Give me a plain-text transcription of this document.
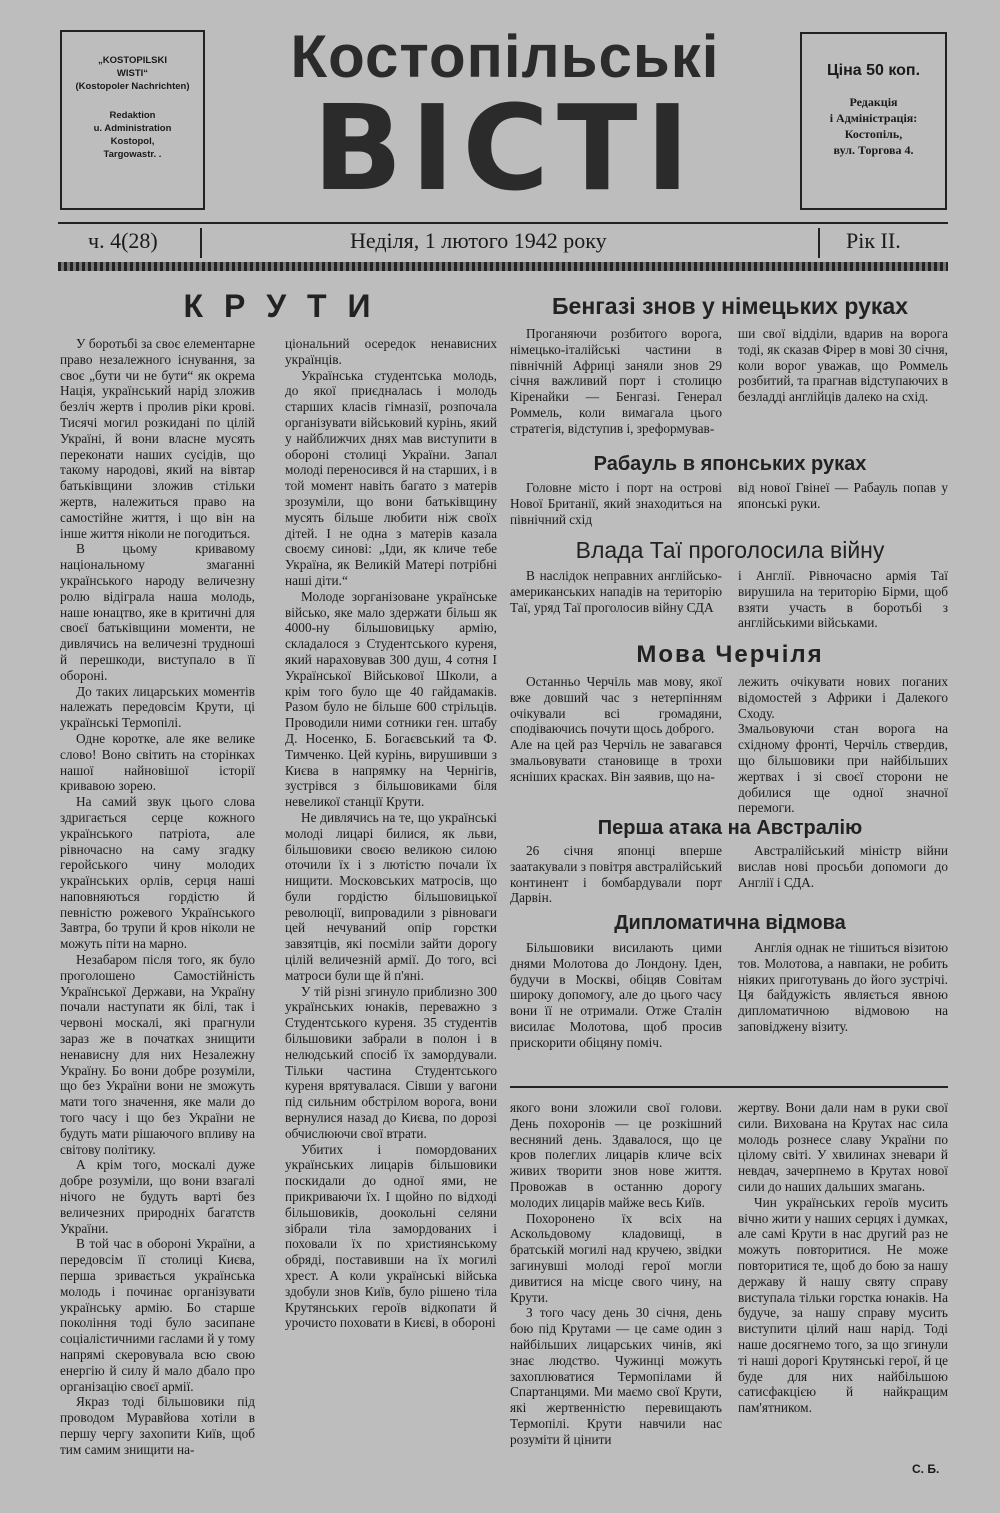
„KOSTOPILSKI
WISTI“
(Kostopoler Nachrichten)
Redaktion
u. Administration
Kostopol,
Targowastr. .
Костопільські
ВІСТІ
Ціна 50 коп.
Редакція
і Адміністрація:
Костопіль,
вул. Торгова 4.
ч. 4(28)	Неділя, 1 лютого 1942 року	Рік II.
К Р У Т И

У боротьбі за своє елементарне право незалежного існування, за своє „бути чи не бути“ як окрема Нація, український нарід зложив безліч жертв і пролив ріки крові. Тисячі могил розкидані по цілій Україні, й вони власне мусять переконати наших сусідів, що такому народові, який на вівтар батьківщини зложив стільки жертв, належиться право на самостійне життя, і що він на інше життя ніколи не погодиться.

В цьому кривавому національному змаганні українського народу величезну ролю відіграла наша молодь, наше юнацтво, яке в критичні для своєї батьківщини моменти, не дивлячись на величезні трудноші й перешкоди, виступало в її обороні.

До таких лицарських моментів належать передовсім Крути, ці українські Термопілі.

Одне коротке, але яке велике слово! Воно світить на сторінках нашої найновішої історії кривавою зорею.

На самий звук цього слова здригається серце кожного українського патріота, але рівночасно на саму згадку геройського чину молодих українських орлів, серця наші наповняються гордістю й певністю рожевого Українського Завтра, бо трупи й кров ніколи не можуть піти на марно.

Незабаром після того, як було проголошено Самостійність Української Держави, на Україну почали наступати як білі, так і червоні москалі, які прагнули зараз же в початках знищити ненависну для них Незалежну Україну. Бо вони добре розуміли, що без України вони не зможуть мати того значення, яке мали до того часу і що без України не будуть мати рішаючого впливу на світову політику.

А крім того, москалі дуже добре розуміли, що вони взагалі нічого не будуть варті без величезних природніх багатств України.

В той час в обороні України, а передовсім її столиці Києва, перша зривається українська молодь і починає організувати українську армію. Бо старше покоління тоді було засипане соціалістичними гаслами й у тому напрямі скеровувала всю свою енергію й силу й мало дбало про організацію своєї армії.

Якраз тоді більшовики під проводом Муравйова хотіли в першу чергу захопити Київ, щоб тим самим знищити на-

ціональний осередок ненависних українців.

Українська студентська молодь, до якої приєдналась і молодь старших класів гімназії, розпочала організувати військовий курінь, який у найближчих днях мав виступити в обороні столиці України. Запал молоді переносився й на старших, і в той момент навіть багато з матерів зрозуміли, що вони батьківщину мусять більше любити ніж своїх дітей. І не одна з матерів казала своєму синові: „Іди, як кличе тебе Україна, як Великій Матері потрібні наші діти.“

Молоде зорганізоване українське військо, яке мало здержати більш як 4000-ну більшовицьку армію, складалося з Студентського куреня, який нараховував 300 душ, 4 сотня І Української Військової Школи, а крім того було ще 40 гайдамаків. Разом було не більше 600 стрільців. Проводили ними сотники ген. штабу Д. Носенко, Б. Богаєвський та Ф. Тимченко. Цей курінь, вирушивши з Києва в напрямку на Чернігів, зустрівся з більшовиками біля невеликої станції Крути.

Не дивлячись на те, що українські молоді лицарі билися, як льви, більшовики своєю великою силою оточили їх і з лютістю почали їх нищити. Московських матросів, що були гордістю більшовицької революції, випровадили з рівноваги цей нечуваний опір горстки завзятців, які посміли зайти дорогу цілій величезній армії. До того, всі матроси були ще й п'яні.

У тій різні згинуло приблизно 300 українських юнаків, переважно з Студентського куреня. 35 студентів більшовики забрали в полон і в нелюдський спосіб їх замордували. Тільки частина Студентського куреня врятувалася. Сівши у вагони під сильним обстрілом ворога, вони вернулися назад до Києва, по дорозі обчислюючи свої втрати.

Убитих і помордованих українських лицарів більшовики поскидали до одної ями, не прикриваючи їх. І щойно по відході більшовиків, доокольні селяни зібрали тіла замордованих і поховали їх по християнському обряді, поставивши на їх могилі хрест. А коли українські війська здобули знов Київ, було рішено тіла Крутянських героїв відкопати й урочисто поховати в Києві, в обороні

якого вони зложили свої голови. День похоронів — це розкішний весняний день. Здавалося, що це кров полеглих лицарів кличе всіх живих творити знов нове життя. Провожав в останню дорогу молодих лицарів майже весь Київ.

Похоронено їх всіх на Аскольдовому кладовищі, в братській могилі над кручею, звідки загинувші молоді герої могли дивитися на місце свого чину, на Крути.

З того часу день 30 січня, день бою під Крутами — це саме один з найбільших лицарських чинів, які знає людство. Чужинці можуть захоплюватися Термопілами й Спартанцями. Ми маємо свої Крути, які жертвенністю перевищають Термопілі. Крути навчили нас розуміти й цінити

жертву. Вони дали нам в руки свої сили. Вихована на Крутах нас сила молодь рознесе славу України по цілому світі. У хвилинах зневари й невдач, зачерпнемо в Крутах нової сили до наших дальших змагань.

Чин українських героїв мусить вічно жити у наших серцях і думках, але самі Крути в нас другий раз не можуть повторитися. Не може повторитися те, щоб до бою за нашу державу й нашу святу справу виступала тільки горстка юнаків. На будуче, за нашу справу мусить виступити цілий наш нарід. Тоді наше досягнемо того, за що згинули ті наші дорогі Крутянські герої, й це буде для них найбільшою сатисфакцією й найкращим пам'ятником.

С. Б.
Бенгазі знов у німецьких руках

Проганяючи розбитого ворога, німецько-італійські частини в північній Африці заняли знов 29 січня важливий порт і столицю Кіренайки — Бенгазі. Генерал Роммель, коли вимагала цього стратегія, відступив і, зреформував-

ши свої відділи, вдарив на ворога тоді, як сказав Фірер в мові 30 січня, коли ворог уважав, що Роммель розбитий, та прагнав відступаючих в безладді англійців далеко на схід.

Рабауль в японських руках

Головне місто і порт на острові Нової Британії, який знаходиться на північний схід

від нової Гвінеї — Рабауль попав у японські руки.

Влада Таї проголосила війну

В наслідок неправних англійсько-американських нападів на територію Таї, уряд Таї проголосив війну СДА

і Англії. Рівночасно армія Таї вирушила на територію Бірми, щоб взяти участь в боротьбі з англійськими військами.

Мова Черчіля

Останньо Черчіль мав мову, якої вже довший час з нетерпінням очікували всі громадяни, сподіваючись почути щось доброго.
Але на цей раз Черчіль не завагався змальовувати становище в трохи ясніших красках. Він заявив, що на-

лежить очікувати нових поганих відомостей з Африки і Далекого Сходу.
Змальовуючи стан ворога на східному фронті, Черчіль ствердив, що більшовики при найбільших жертвах і зі своєї сторони не добилися ще одної значної перемоги.

Перша атака на Австралію

26 січня японці вперше заатакували з повітря австралійський континент і бомбардували порт Дарвін.

Австралійський міністр війни вислав нові просьби допомоги до Англії і СДА.

Дипломатична відмова

Більшовики висилають цими днями Молотова до Лондону. Іден, будучи в Москві, обіцяв Совітам широку допомогу, але до цього часу вони її не отримали. Отже Сталін висилає Молотова, щоб просив прискорити обіцяну поміч.

Англія однак не тішиться візитою тов. Молотова, а навпаки, не робить ніяких приготувань до його зустрічі. Ця байдужість являється явною дипломатичною відмовою на заповіджену візиту.
